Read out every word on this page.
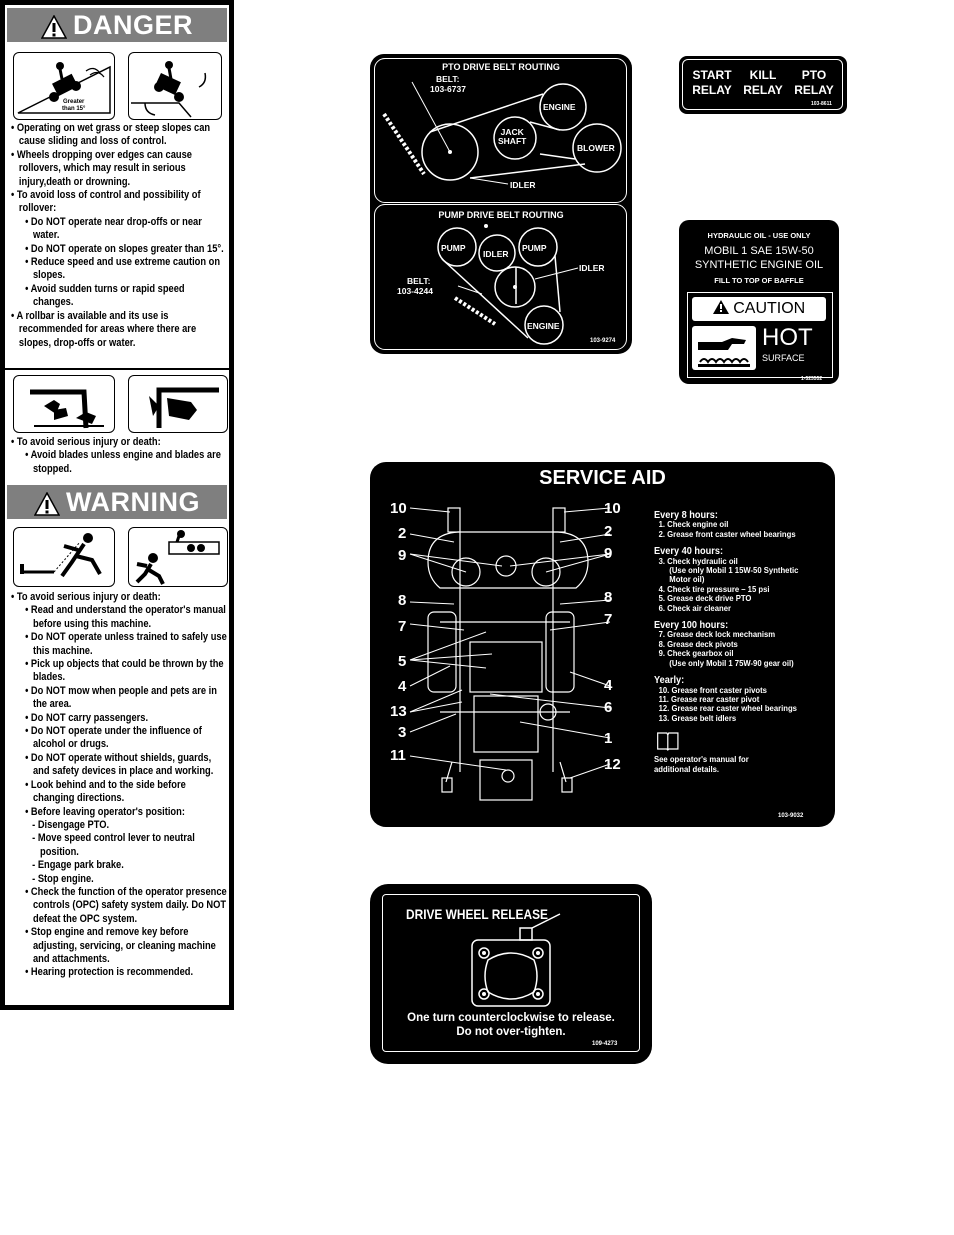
DANGER
Greater
than 15°
• Operating on wet grass or steep slopes can cause sliding and loss of control.
• Wheels dropping over edges can cause rollovers, which may result in serious injury,death or drowning.
• To avoid loss of control and possibility of rollover:
• Do NOT operate near drop-offs or near water.
• Do NOT operate on slopes greater than 15°.
• Reduce speed and use extreme caution on slopes.
• Avoid sudden turns or rapid speed changes.
• A rollbar is available and its use is recommended for areas where there are slopes, drop-offs or water.
• To avoid serious injury or death:
• Avoid blades unless engine and blades are stopped.
WARNING
• To avoid serious injury or death:
• Read and understand the operator's manual before using this machine.
• Do NOT operate unless trained to safely use this machine.
• Pick up objects that could be thrown by the blades.
• Do NOT mow when people and pets are in the area.
• Do NOT carry passengers.
• Do NOT operate under the influence of alcohol or drugs.
• Do NOT operate without shields, guards, and safety devices in place and working.
• Look behind and to the side before changing directions.
• Before leaving operator's position:
- Disengage PTO.
- Move speed control lever to neutral position.
- Engage park brake.
- Stop engine.
• Check the function of the operator presence controls (OPC) safety system daily. Do NOT defeat the OPC system.
• Stop engine and remove key before adjusting, servicing, or cleaning machine and attachments.
• Hearing protection is recommended.
PTO DRIVE BELT ROUTING
BELT:
103-6737
ENGINE
JACK
SHAFT
BLOWER
IDLER
PUMP DRIVE BELT ROUTING
PUMP
IDLER
PUMP
IDLER
BELT:
103-4244
ENGINE
103-9274
START
RELAY
KILL
RELAY
PTO
RELAY
103-8611
HYDRAULIC OIL - USE ONLY
MOBIL 1 SAE 15W-50
SYNTHETIC ENGINE OIL
FILL TO TOP OF BAFFLE
CAUTION
HOT
SURFACE
1-523552
SERVICE AID
10
2
9
8
7
5
4
13
3
11
10
2
9
8
7
4
6
1
12
103-9032
Every 8 hours:
1. Check engine oil
2. Grease front caster wheel bearings
Every 40 hours:
3. Check hydraulic oil
(Use only Mobil 1 15W-50 Synthetic
Motor oil)
4. Check tire pressure – 15 psi
5. Grease deck drive PTO
6. Check air cleaner
Every 100 hours:
7. Grease deck lock mechanism
8. Grease deck pivots
9. Check gearbox oil
(Use only Mobil 1 75W-90 gear oil)
Yearly:
10. Grease front caster pivots
11. Grease rear caster pivot
12. Grease rear caster wheel bearings
13. Grease belt idlers
See operator's manual for
additional details.
DRIVE WHEEL RELEASE
One turn counterclockwise to release.
Do not over-tighten.
109-4273
